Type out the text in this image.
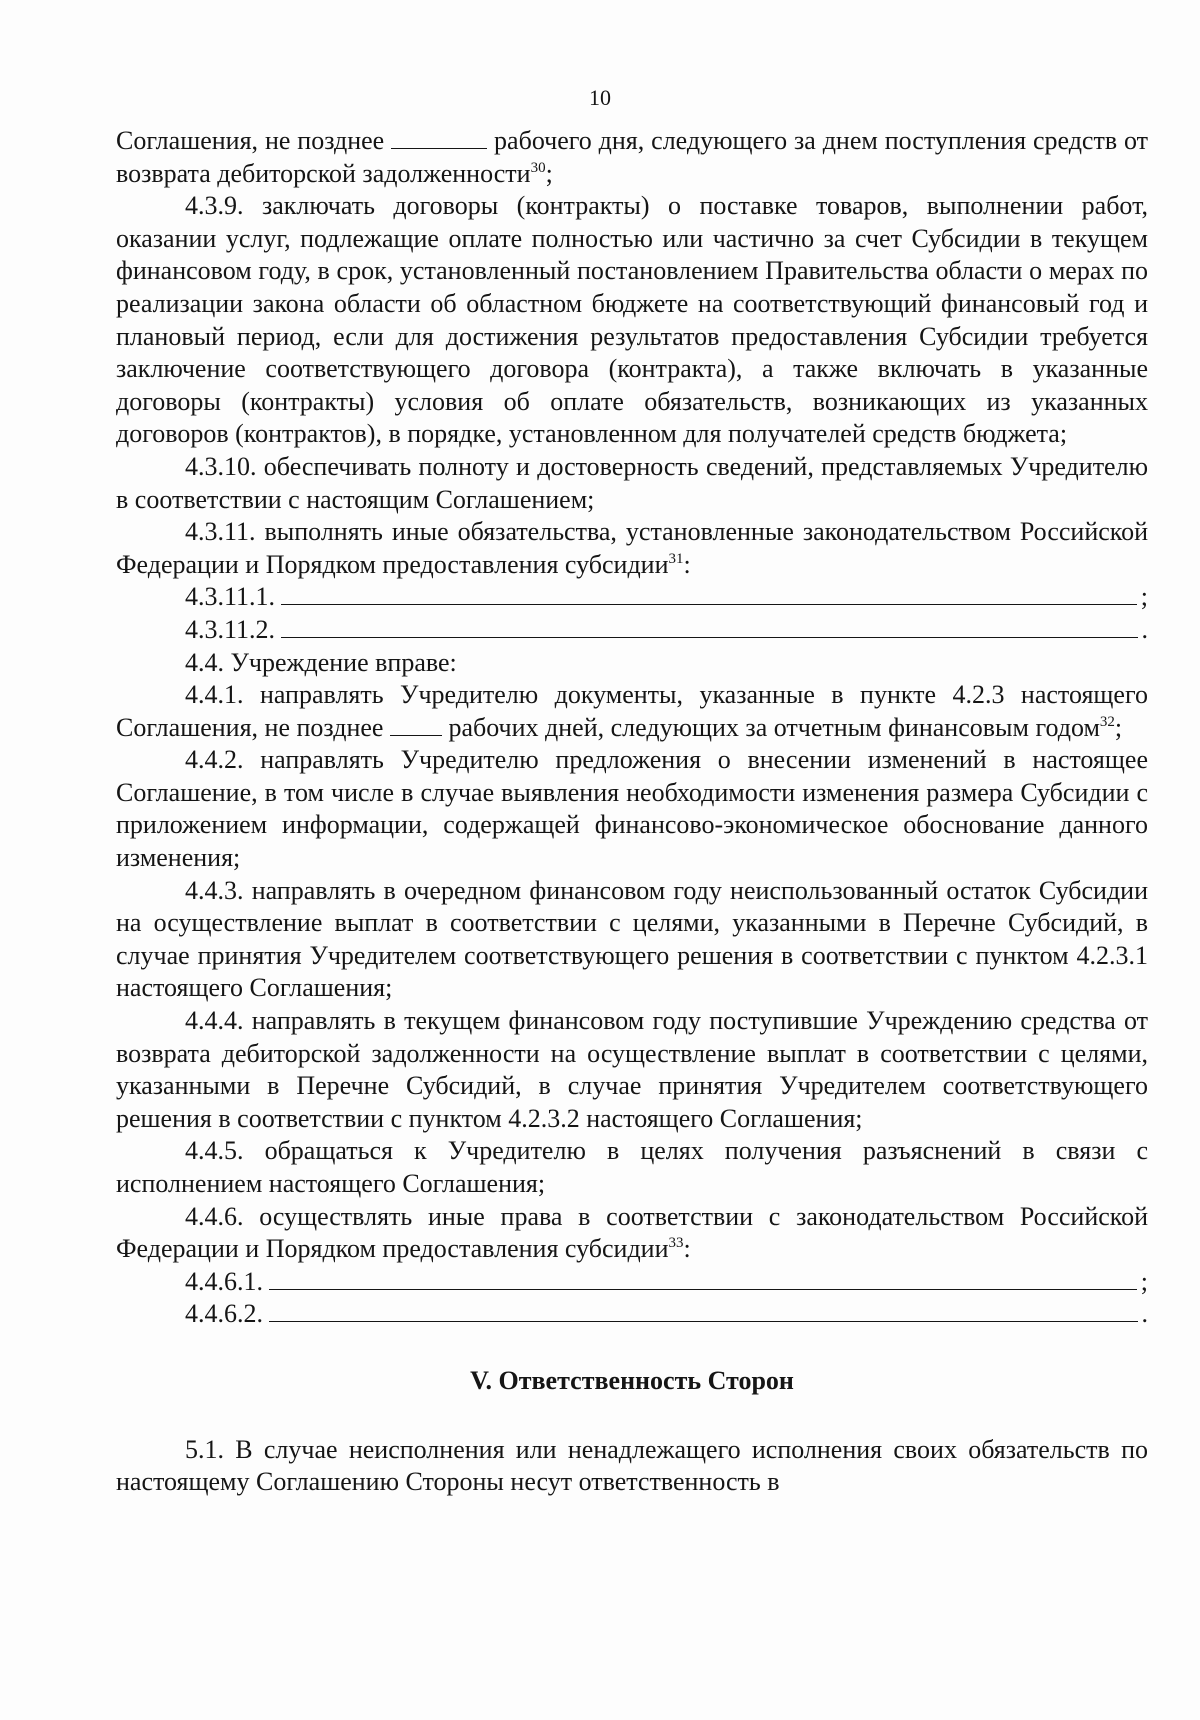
10

Соглашения, не позднее	рабочего дня, следующего за днем поступления средств от возврата дебиторской задолженности$^{30}$;

4.3.9. заключать договоры (контракты) о поставке товаров, выполнении работ, оказании услуг, подлежащие оплате полностью или частично за счет Субсидии в текущем финансовом году, в срок, установленный постановлением Правительства области о мерах по реализации закона области об областном бюджете на соответствующий финансовый год и плановый период, если для достижения результатов предоставления Субсидии требуется заключение соответствующего договора (контракта), а также включать в указанные договоры (контракты) условия об оплате обязательств, возникающих из указанных договоров (контрактов), в порядке, установленном для получателей средств бюджета;

4.3.10. обеспечивать полноту и достоверность сведений, представляемых Учредителю в соответствии с настоящим Соглашением;

4.3.11. выполнять иные обязательства, установленные законодательством Российской Федерации и Порядком предоставления субсидии$^{31}$:

4.3.11.1.	;
4.3.11.2.	.

4.4. Учреждение вправе:

4.4.1. направлять Учредителю документы, указанные в пункте 4.2.3 настоящего Соглашения, не позднее	рабочих дней, следующих за отчетным финансовым годом$^{32}$;

4.4.2. направлять Учредителю предложения о внесении изменений в настоящее Соглашение, в том числе в случае выявления необходимости изменения размера Субсидии с приложением информации, содержащей финансово-экономическое обоснование данного изменения;

4.4.3. направлять в очередном финансовом году неиспользованный остаток Субсидии на осуществление выплат в соответствии с целями, указанными в Перечне Субсидий, в случае принятия Учредителем соответствующего решения в соответствии с пунктом 4.2.3.1 настоящего Соглашения;

4.4.4. направлять в текущем финансовом году поступившие Учреждению средства от возврата дебиторской задолженности на осуществление выплат в соответствии с целями, указанными в Перечне Субсидий, в случае принятия Учредителем соответствующего решения в соответствии с пунктом 4.2.3.2 настоящего Соглашения;

4.4.5. обращаться к Учредителю в целях получения разъяснений в связи с исполнением настоящего Соглашения;

4.4.6. осуществлять иные права в соответствии с законодательством Российской Федерации и Порядком предоставления субсидии$^{33}$:

4.4.6.1.	;
4.4.6.2.	.
V. Ответственность Сторон

5.1. В случае неисполнения или ненадлежащего исполнения своих обязательств по настоящему Соглашению Стороны несут ответственность в
